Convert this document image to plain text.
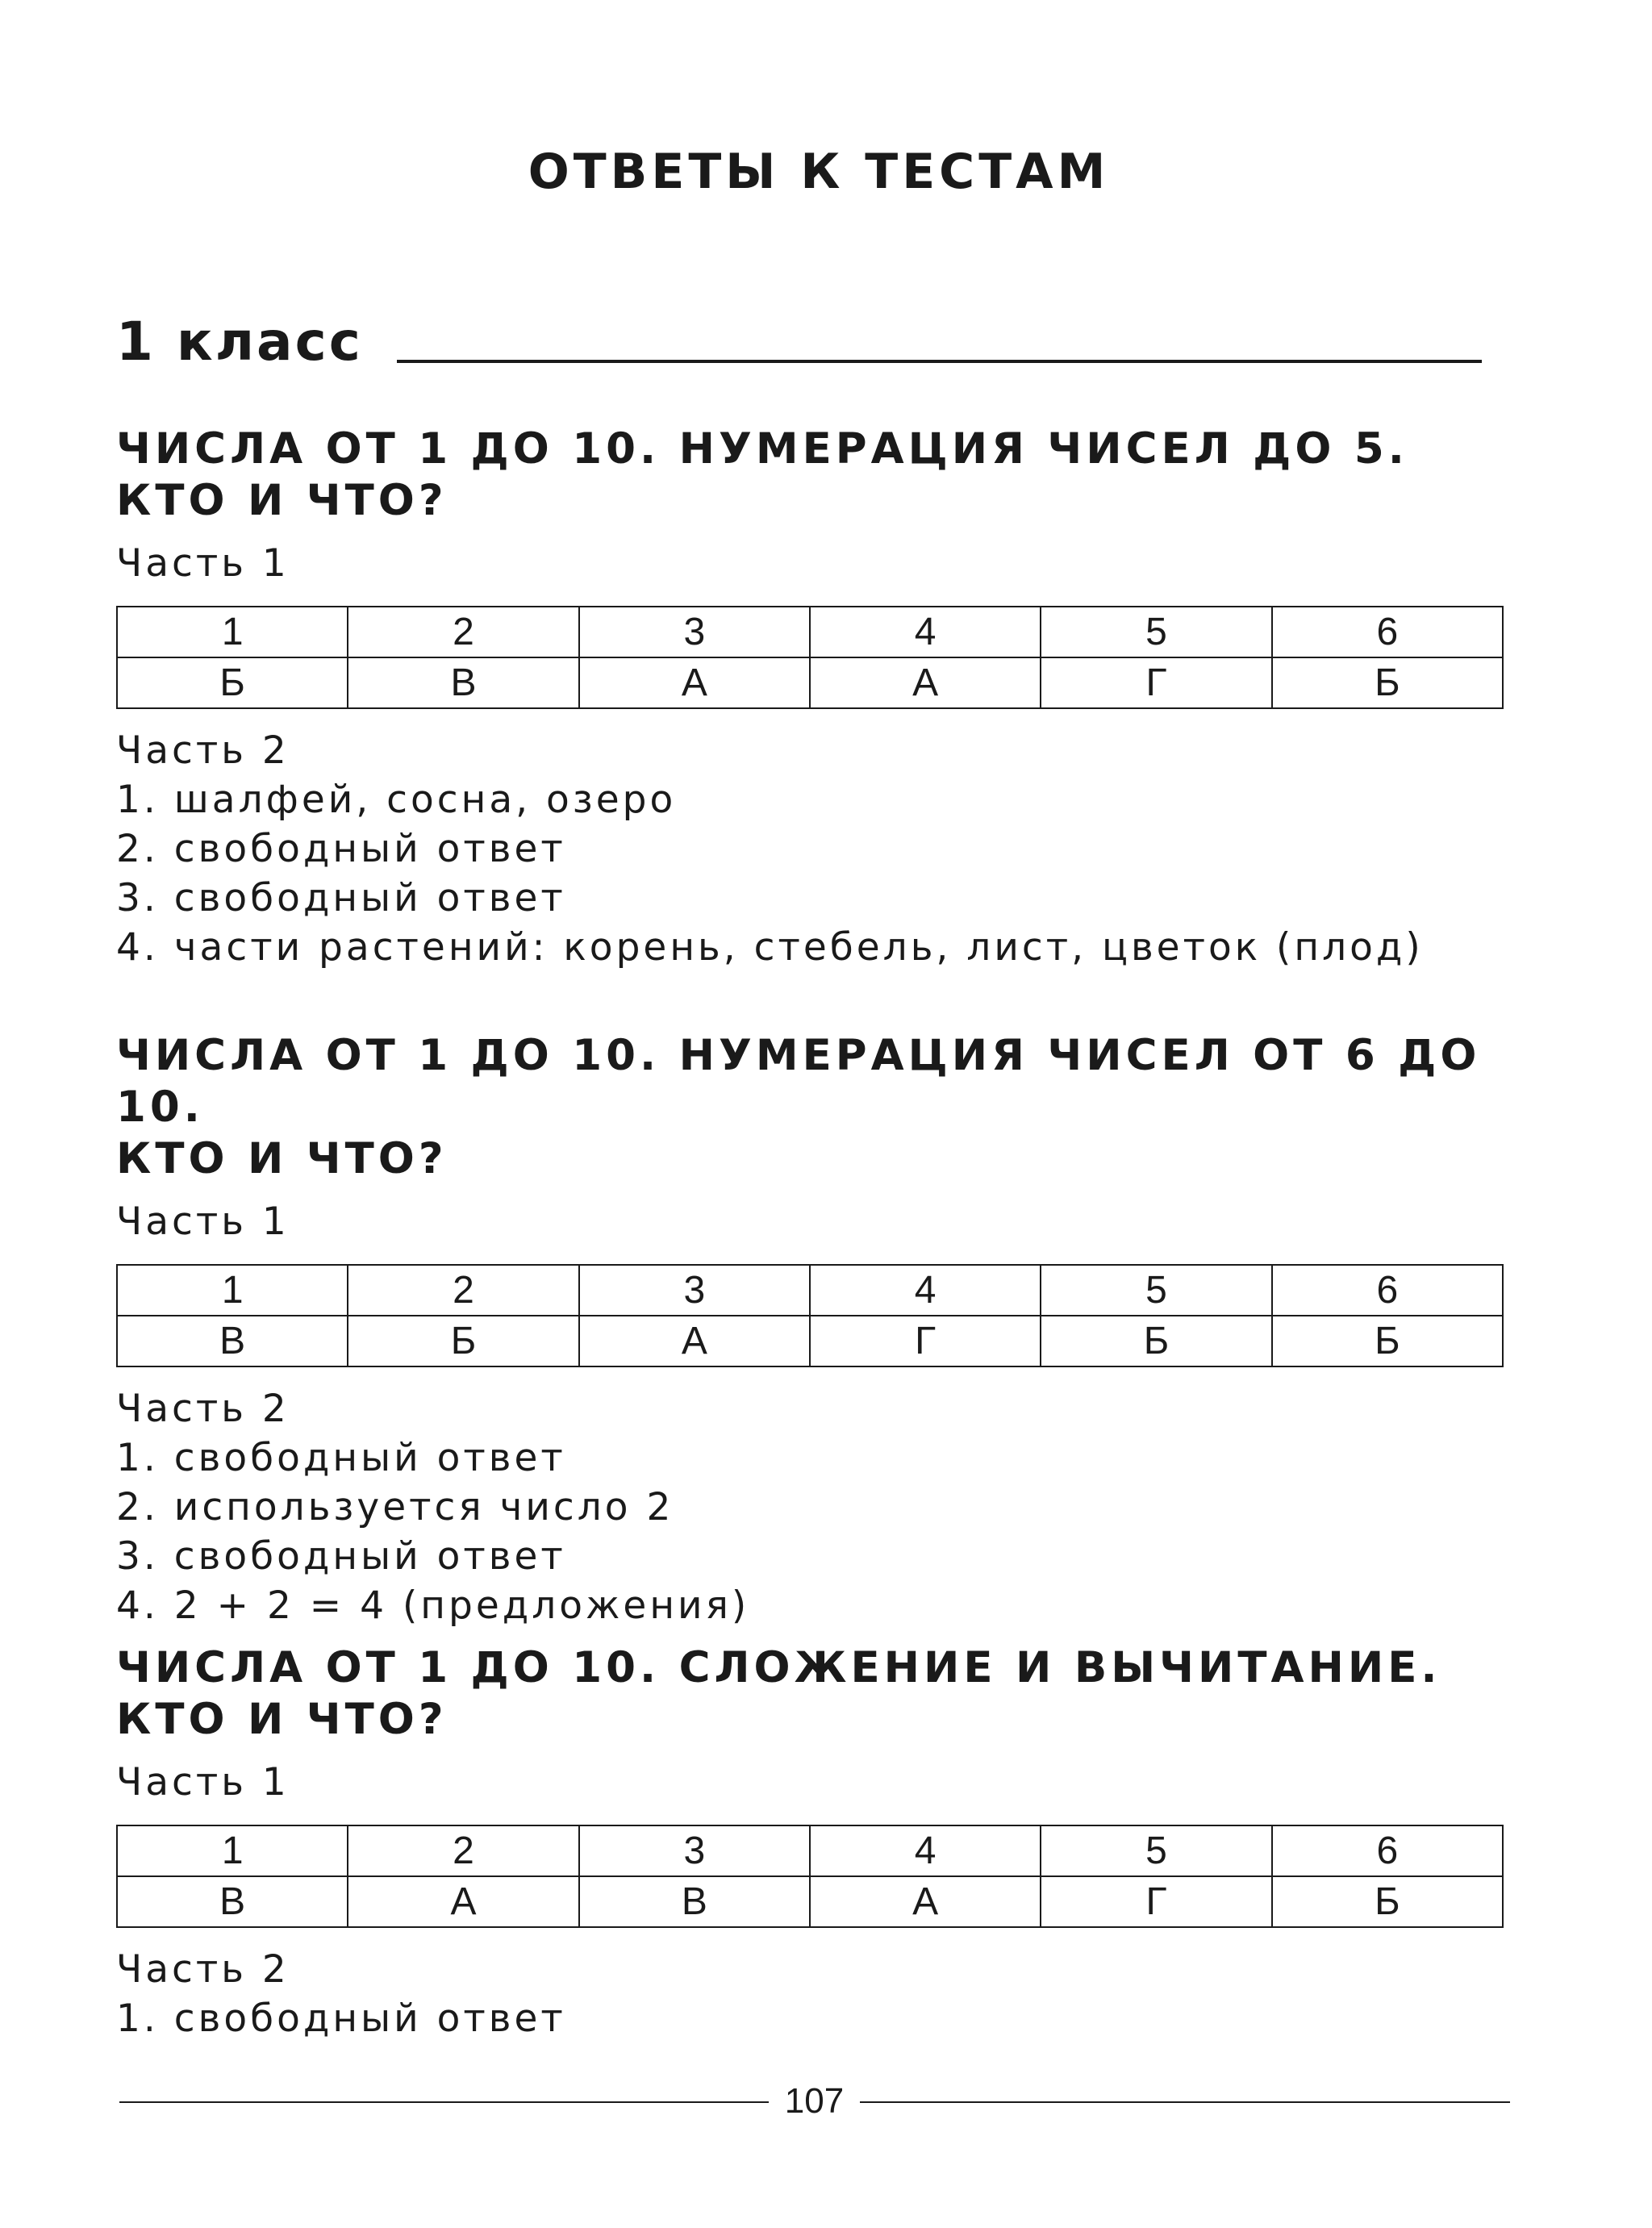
ОТВЕТЫ К ТЕСТАМ
1 класс
ЧИСЛА ОТ 1 ДО 10. НУМЕРАЦИЯ ЧИСЕЛ ДО 5.
КТО И ЧТО?
Часть 1
1	2	3	4	5	6
Б	В	А	А	Г	Б
Часть 2
1. шалфей, сосна, озеро
2. свободный ответ
3. свободный ответ
4. части растений: корень, стебель, лист, цветок (плод)
ЧИСЛА ОТ 1 ДО 10. НУМЕРАЦИЯ ЧИСЕЛ ОТ 6 ДО 10.
КТО И ЧТО?
Часть 1
1	2	3	4	5	6
В	Б	А	Г	Б	Б
Часть 2
1. свободный ответ
2. используется число 2
3. свободный ответ
4. 2 + 2 = 4 (предложения)
ЧИСЛА ОТ 1 ДО 10. СЛОЖЕНИЕ И ВЫЧИТАНИЕ.
КТО И ЧТО?
Часть 1
1	2	3	4	5	6
В	А	В	А	Г	Б
Часть 2
1. свободный ответ
107
